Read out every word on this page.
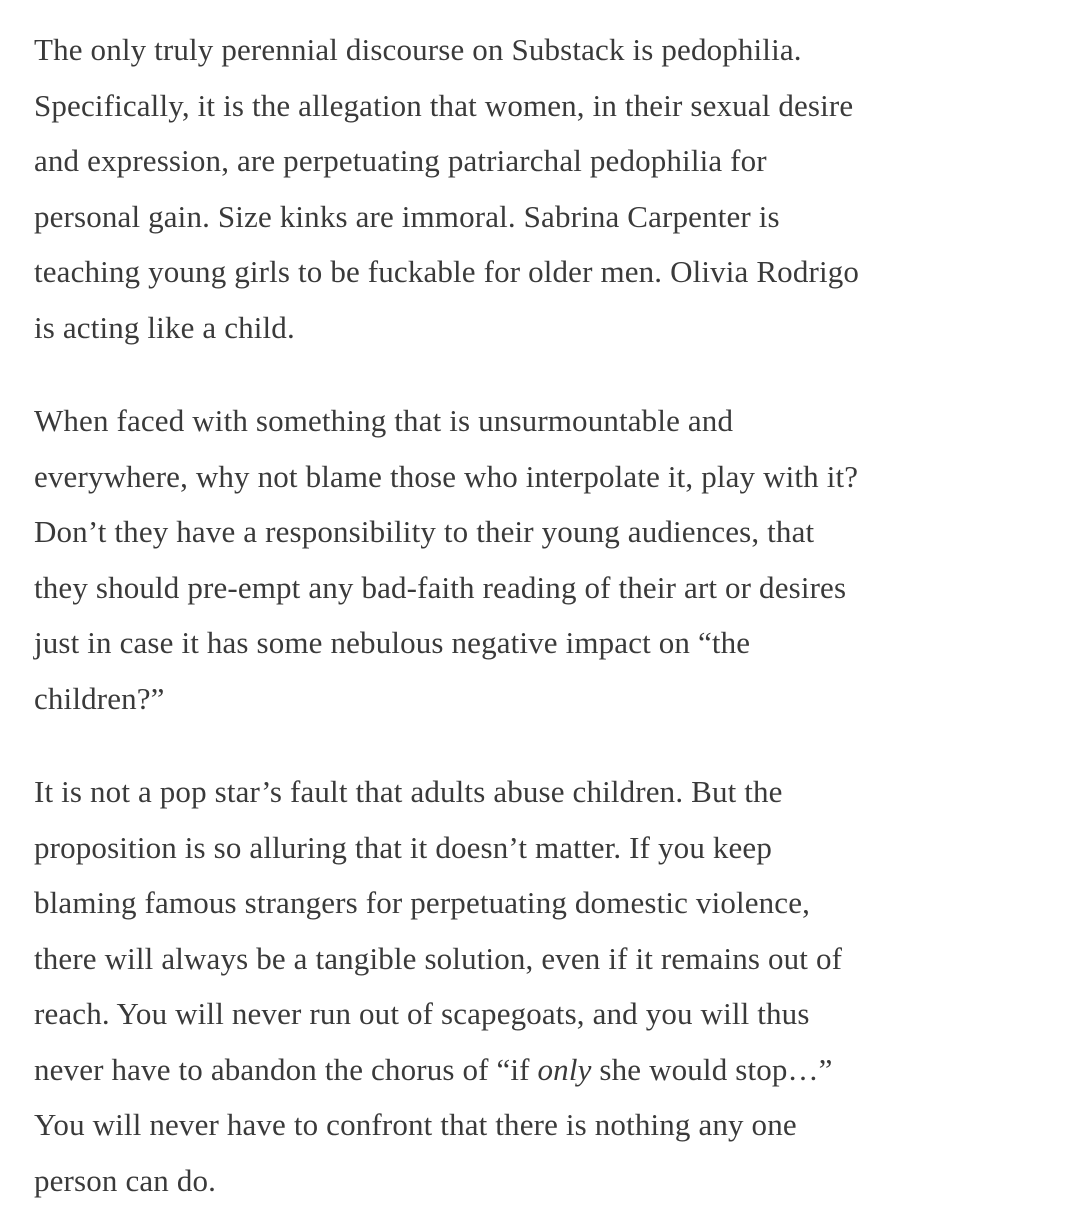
The only truly perennial discourse on Substack is pedophilia.
Specifically, it is the allegation that women, in their sexual desire
and expression, are perpetuating patriarchal pedophilia for
personal gain. Size kinks are immoral. Sabrina Carpenter is
teaching young girls to be fuckable for older men. Olivia Rodrigo
is acting like a child.

When faced with something that is unsurmountable and
everywhere, why not blame those who interpolate it, play with it?
Don’t they have a responsibility to their young audiences, that
they should pre-empt any bad-faith reading of their art or desires
just in case it has some nebulous negative impact on “the
children?”

It is not a pop star’s fault that adults abuse children. But the
proposition is so alluring that it doesn’t matter. If you keep
blaming famous strangers for perpetuating domestic violence,
there will always be a tangible solution, even if it remains out of
reach. You will never run out of scapegoats, and you will thus
never have to abandon the chorus of “if only she would stop…”
You will never have to confront that there is nothing any one
person can do.
